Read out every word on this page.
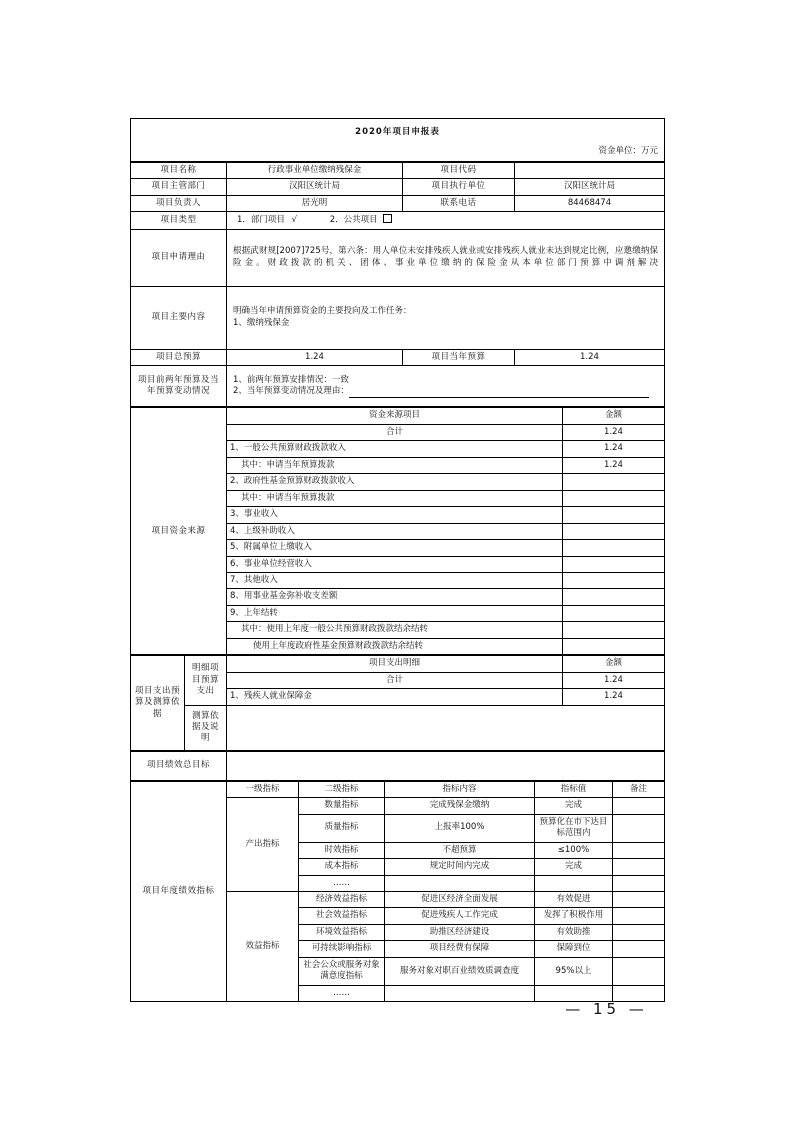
2020年项目申报表
资金单位：万元
项目名称	行政事业单位缴纳残保金	项目代码	
项目主管部门	汉阳区统计局	项目执行单位	汉阳区统计局
项目负责人	居光明	联系电话	84468474
项目类型	1．部门项目 √ 2．公共项目		
项目申请理由	根据武财规[2007]725号，第六条：用人单位未安排残疾人就业或安排残疾人就业未达到规定比例，应邀缴纳保险金。财政拨款的机关、团体、事业单位缴纳的保险金从本单位部门预算中调剂解决		
项目主要内容	明确当年申请预算资金的主要投向及工作任务：
1、缴纳残保金		

项目总预算	1.24	项目当年预算	1.24
项目前两年预算及当年预算变动情况	1、前两年预算安排情况：一致
2、当年预算变动情况及理由：		
项目资金来源	资金来源项目	金额
	合计	1.24
	1、一般公共预算财政拨款收入	1.24
	其中：申请当年预算拨款	1.24
	2、政府性基金预算财政拨款收入	
	其中：申请当年预算拨款	
	3、事业收入	
	4、上级补助收入	
	5、附属单位上缴收入	
	6、事业单位经营收入	
	7、其他收入	
	8、用事业基金弥补收支差额	
	9、上年结转	
	其中：使用上年度一般公共预算财政拨款结余结转	
	使用上年度政府性基金预算财政拨款结余结转	
项目支出预算及测算依据	明细项目预算支出	项目支出明细	金额
		合计	1.24
		1、残疾人就业保障金	1.24
	测算依据及说明		
项目绩效总目标	
项目年度绩效指标	一级指标	二级指标	指标内容	指标值	备注
	产出指标	数量指标	完成残保金缴纳	完成	
		质量指标	上报率100%	预算化在市下达目标范围内	
		时效指标	不超预算	≤100%	
		成本指标	规定时间内完成	完成	
		……			
	效益指标	经济效益指标	促进区经济全面发展	有效促进	
		社会效益指标	促进残疾人工作完成	发挥了积极作用	
		环境效益指标	助推区经济建设	有效助推	
		可持续影响指标	项目经费有保障	保障到位	
		社会公众或服务对象满意度指标	服务对象对职百业绩效质调查度	95%以上	
		……			
— 15 —
